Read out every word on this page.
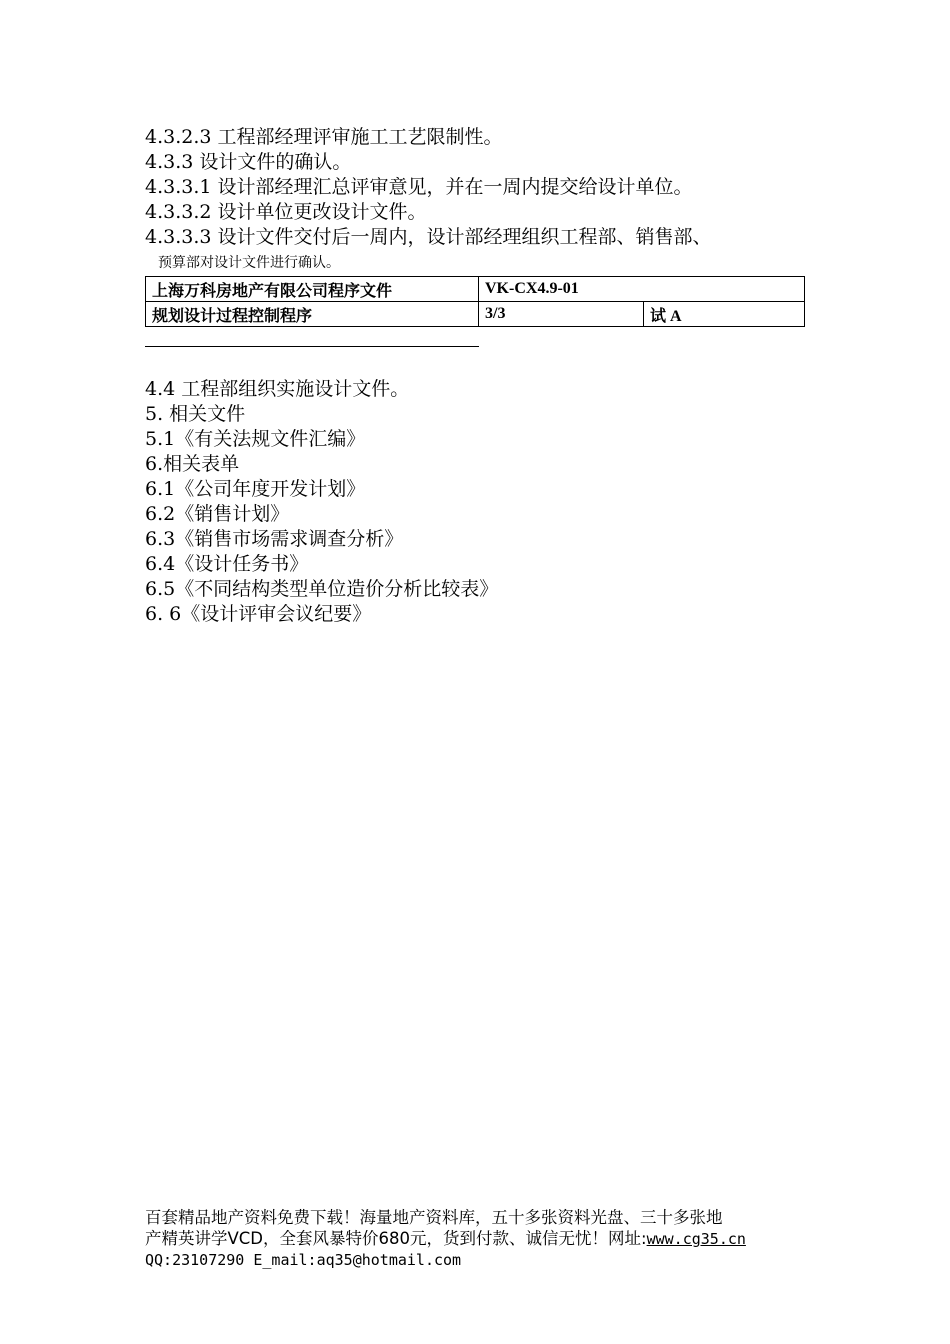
4.3.2.3 工程部经理评审施工工艺限制性。
4.3.3 设计文件的确认。
4.3.3.1 设计部经理汇总评审意见，并在一周内提交给设计单位。
4.3.3.2 设计单位更改设计文件。
4.3.3.3 设计文件交付后一周内，设计部经理组织工程部、销售部、
预算部对设计文件进行确认。
上海万科房地产有限公司程序文件	VK-CX4.9-01	
规划设计过程控制程序	3/3	试 A
4.4 工程部组织实施设计文件。
5. 相关文件
5.1《有关法规文件汇编》
6.相关表单
6.1《公司年度开发计划》
6.2《销售计划》
6.3《销售市场需求调查分析》
6.4《设计任务书》
6.5《不同结构类型单位造价分析比较表》
6. 6《设计评审会议纪要》
百套精品地产资料免费下载！海量地产资料库，五十多张资料光盘、三十多张地
产精英讲学VCD，全套风暴特价680元，货到付款、诚信无忧！网址:www.cg35.cn
QQ:23107290 E_mail:aq35@hotmail.com
